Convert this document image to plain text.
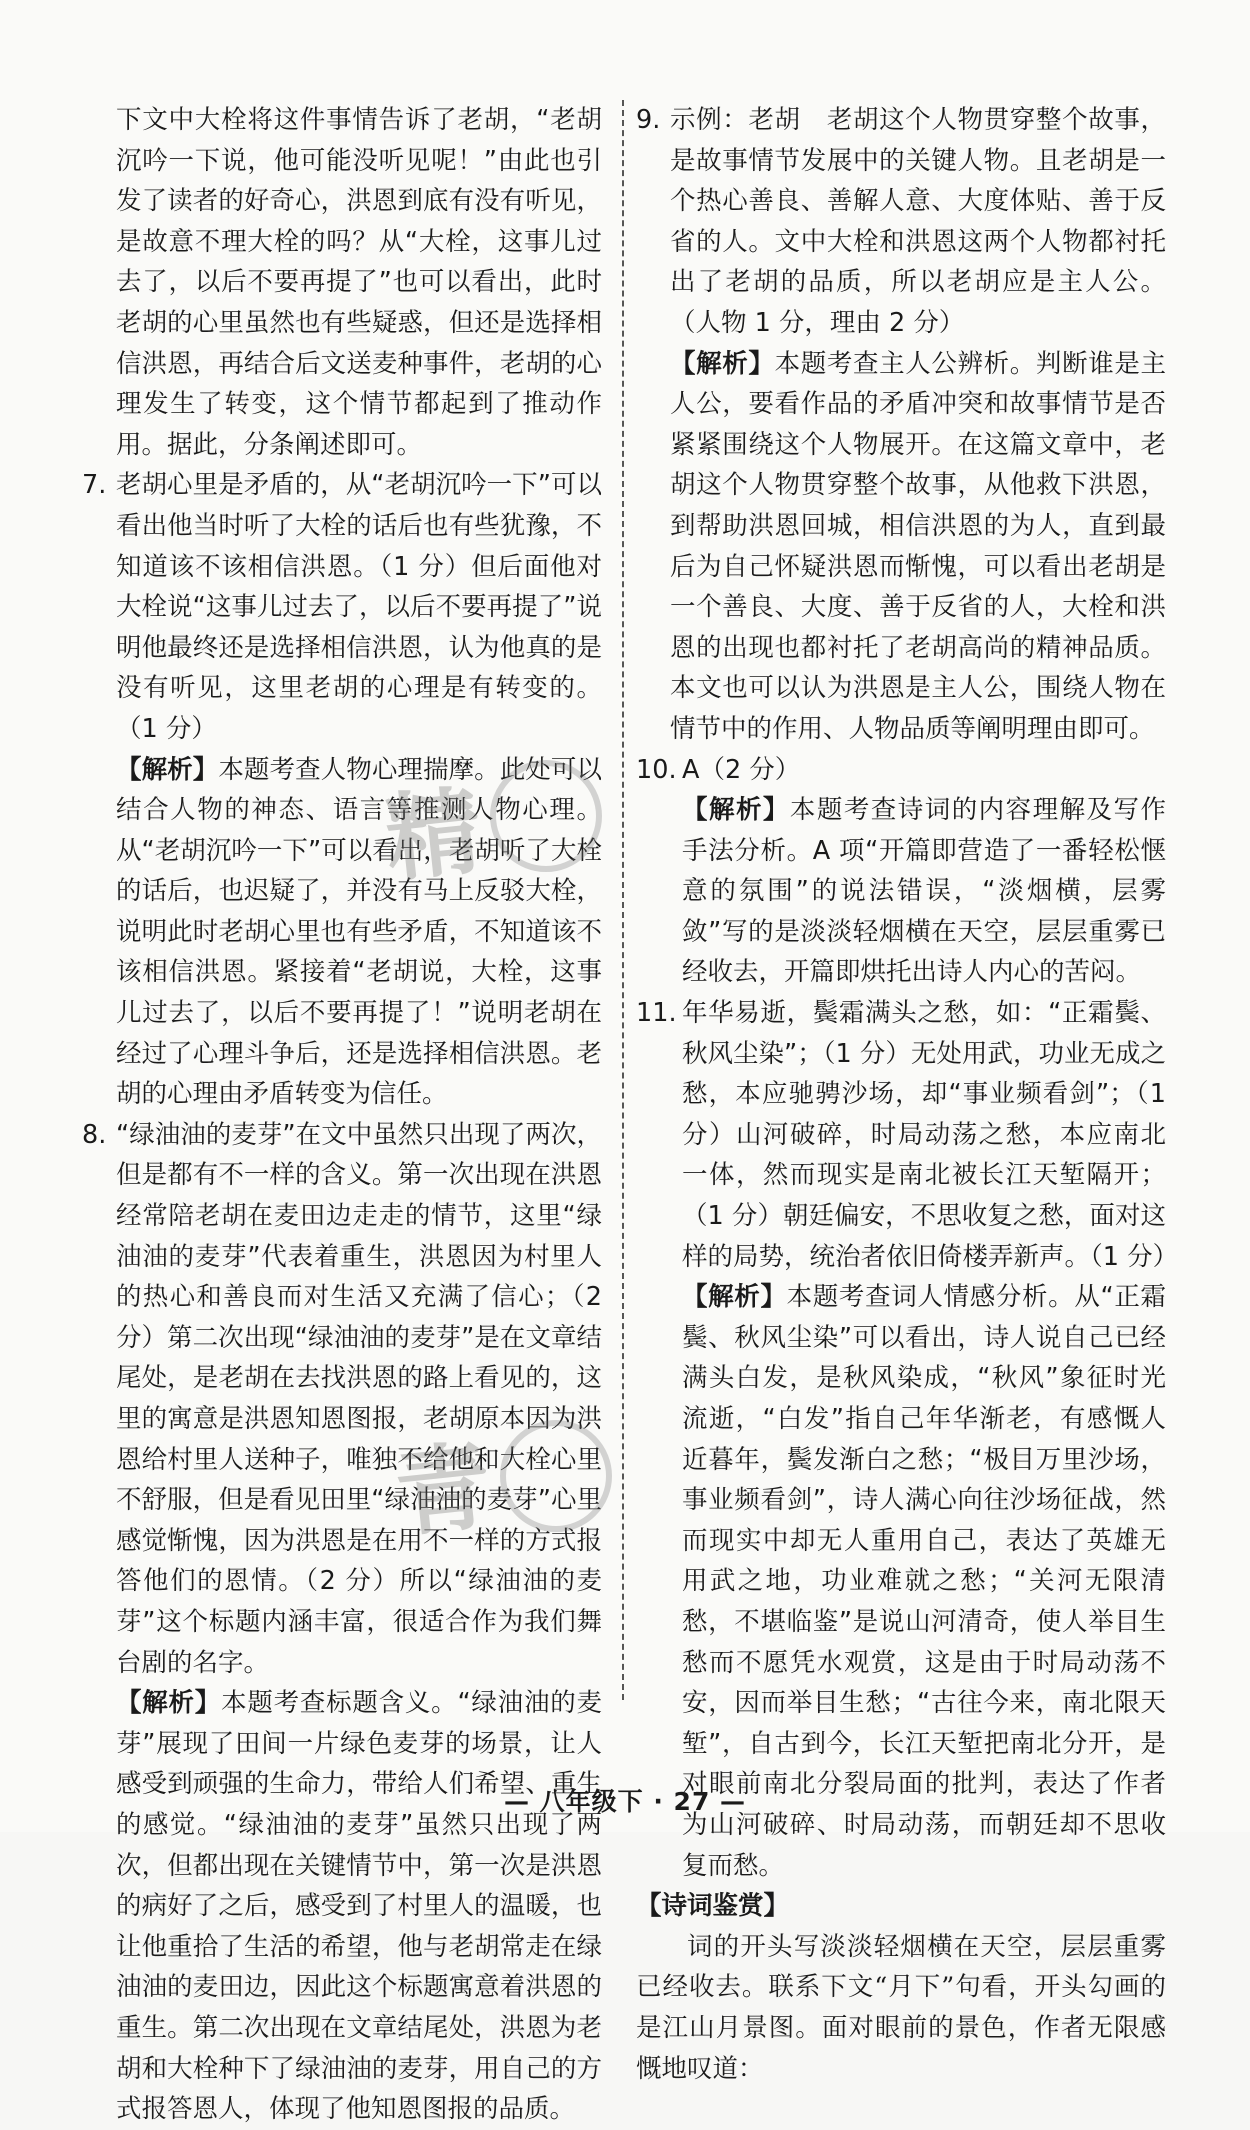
下文中大栓将这件事情告诉了老胡，“老胡沉吟一下说，他可能没听见呢！”由此也引发了读者的好奇心，洪恩到底有没有听见，是故意不理大栓的吗？从“大栓，这事儿过去了，以后不要再提了”也可以看出，此时老胡的心里虽然也有些疑惑，但还是选择相信洪恩，再结合后文送麦种事件，老胡的心理发生了转变，这个情节都起到了推动作用。据此，分条阐述即可。
7. 老胡心里是矛盾的，从“老胡沉吟一下”可以看出他当时听了大栓的话后也有些犹豫，不知道该不该相信洪恩。（1 分）但后面他对大栓说“这事儿过去了，以后不要再提了”说明他最终还是选择相信洪恩，认为他真的是没有听见，这里老胡的心理是有转变的。（1 分）
【解析】本题考查人物心理揣摩。此处可以结合人物的神态、语言等推测人物心理。从“老胡沉吟一下”可以看出，老胡听了大栓的话后，也迟疑了，并没有马上反驳大栓，说明此时老胡心里也有些矛盾，不知道该不该相信洪恩。紧接着“老胡说，大栓，这事儿过去了，以后不要再提了！”说明老胡在经过了心理斗争后，还是选择相信洪恩。老胡的心理由矛盾转变为信任。
8. “绿油油的麦芽”在文中虽然只出现了两次，但是都有不一样的含义。第一次出现在洪恩经常陪老胡在麦田边走走的情节，这里“绿油油的麦芽”代表着重生，洪恩因为村里人的热心和善良而对生活又充满了信心；（2 分）第二次出现“绿油油的麦芽”是在文章结尾处，是老胡在去找洪恩的路上看见的，这里的寓意是洪恩知恩图报，老胡原本因为洪恩给村里人送种子，唯独不给他和大栓心里不舒服，但是看见田里“绿油油的麦芽”心里感觉惭愧，因为洪恩是在用不一样的方式报答他们的恩情。（2 分）所以“绿油油的麦芽”这个标题内涵丰富，很适合作为我们舞台剧的名字。
【解析】本题考查标题含义。“绿油油的麦芽”展现了田间一片绿色麦芽的场景，让人感受到顽强的生命力，带给人们希望、重生的感觉。“绿油油的麦芽”虽然只出现了两次，但都出现在关键情节中，第一次是洪恩的病好了之后，感受到了村里人的温暖，也让他重拾了生活的希望，他与老胡常走在绿油油的麦田边，因此这个标题寓意着洪恩的重生。第二次出现在文章结尾处，洪恩为老胡和大栓种下了绿油油的麦芽，用自己的方式报答恩人，体现了他知恩图报的品质。
9. 示例：老胡　老胡这个人物贯穿整个故事，是故事情节发展中的关键人物。且老胡是一个热心善良、善解人意、大度体贴、善于反省的人。文中大栓和洪恩这两个人物都衬托出了老胡的品质，所以老胡应是主人公。（人物 1 分，理由 2 分）
【解析】本题考查主人公辨析。判断谁是主人公，要看作品的矛盾冲突和故事情节是否紧紧围绕这个人物展开。在这篇文章中，老胡这个人物贯穿整个故事，从他救下洪恩，到帮助洪恩回城，相信洪恩的为人，直到最后为自己怀疑洪恩而惭愧，可以看出老胡是一个善良、大度、善于反省的人，大栓和洪恩的出现也都衬托了老胡高尚的精神品质。本文也可以认为洪恩是主人公，围绕人物在情节中的作用、人物品质等阐明理由即可。
10. A（2 分）
【解析】本题考查诗词的内容理解及写作手法分析。A 项“开篇即营造了一番轻松惬意的氛围”的说法错误，“淡烟横，层雾敛”写的是淡淡轻烟横在天空，层层重雾已经收去，开篇即烘托出诗人内心的苦闷。
11. 年华易逝，鬓霜满头之愁，如：“正霜鬓、秋风尘染”；（1 分）无处用武，功业无成之愁，本应驰骋沙场，却“事业频看剑”；（1 分）山河破碎，时局动荡之愁，本应南北一体，然而现实是南北被长江天堑隔开；（1 分）朝廷偏安，不思收复之愁，面对这样的局势，统治者依旧倚楼弄新声。（1 分）
【解析】本题考查词人情感分析。从“正霜鬓、秋风尘染”可以看出，诗人说自己已经满头白发，是秋风染成，“秋风”象征时光流逝，“白发”指自己年华渐老，有感慨人近暮年，鬓发渐白之愁；“极目万里沙场，事业频看剑”，诗人满心向往沙场征战，然而现实中却无人重用自己，表达了英雄无用武之地，功业难就之愁；“关河无限清愁，不堪临鉴”是说山河清奇，使人举目生愁而不愿凭水观赏，这是由于时局动荡不安，因而举目生愁；“古往今来，南北限天堑”，自古到今，长江天堑把南北分开，是对眼前南北分裂局面的批判，表达了作者为山河破碎、时局动荡，而朝廷却不思收复而愁。
【诗词鉴赏】
词的开头写淡淡轻烟横在天空，层层重雾已经收去。联系下文“月下”句看，开头勾画的是江山月景图。面对眼前的景色，作者无限感慨地叹道：
精
青
— 八年级下 · 27 —
